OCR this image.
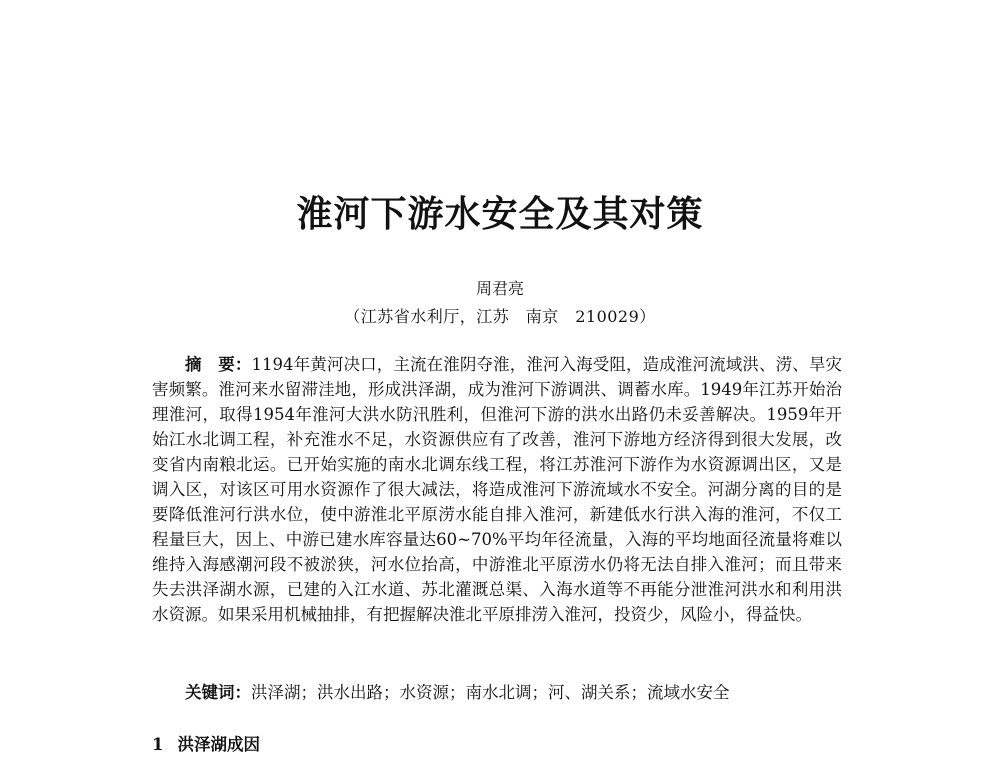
淮河下游水安全及其对策
周君亮
（江苏省水利厅，江苏　南京　210029）

摘　要：1194年黄河决口，主流在淮阴夺淮，淮河入海受阻，造成淮河流域洪、涝、旱灾害频繁。淮河来水留滞洼地，形成洪泽湖，成为淮河下游调洪、调蓄水库。1949年江苏开始治理淮河，取得1954年淮河大洪水防汛胜利，但淮河下游的洪水出路仍未妥善解决。1959年开始江水北调工程，补充淮水不足，水资源供应有了改善，淮河下游地方经济得到很大发展，改变省内南粮北运。已开始实施的南水北调东线工程，将江苏淮河下游作为水资源调出区，又是调入区，对该区可用水资源作了很大减法，将造成淮河下游流域水不安全。河湖分离的目的是要降低淮河行洪水位，使中游淮北平原涝水能自排入淮河，新建低水行洪入海的淮河，不仅工程量巨大，因上、中游已建水库容量达60~70%平均年径流量，入海的平均地面径流量将难以维持入海感潮河段不被淤狭，河水位抬高，中游淮北平原涝水仍将无法自排入淮河；而且带来失去洪泽湖水源，已建的入江水道、苏北灌溉总渠、入海水道等不再能分泄淮河洪水和利用洪水资源。如果采用机械抽排，有把握解决淮北平原排涝入淮河，投资少，风险小，得益快。

关键词：洪泽湖；洪水出路；水资源；南水北调；河、湖关系；流域水安全

1 洪泽湖成因
